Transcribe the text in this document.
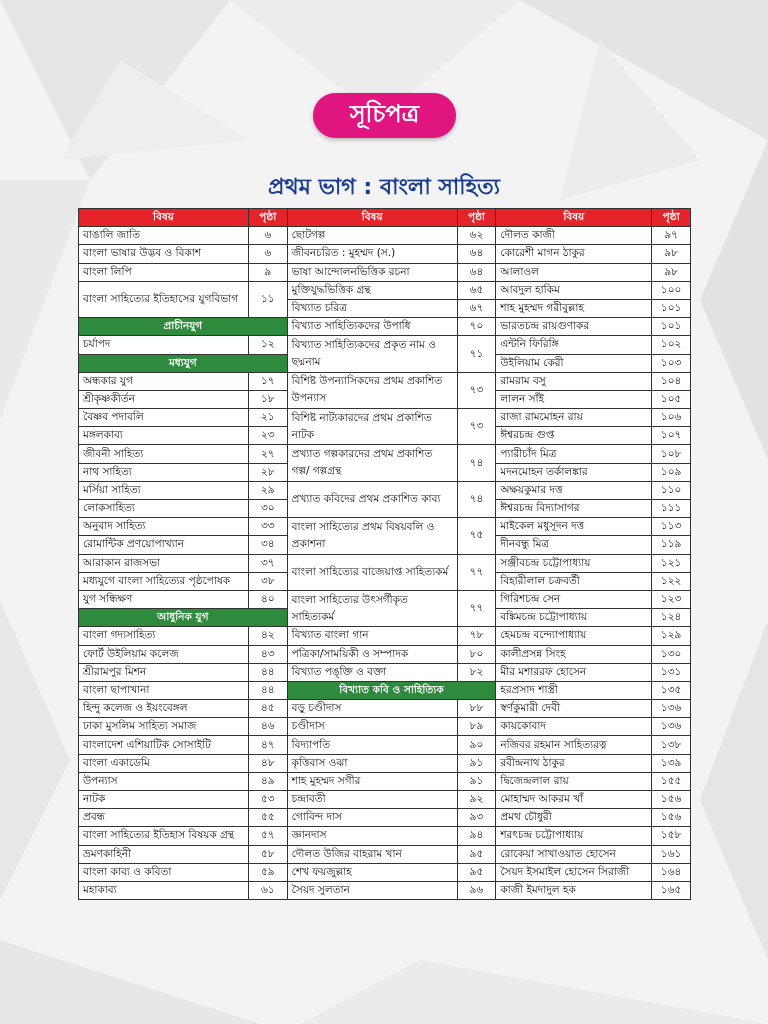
সূচিপত্র
প্রথম ভাগ : বাংলা সাহিত্য
বিষয়	পৃষ্ঠা	বিষয়	পৃষ্ঠা	বিষয়	পৃষ্ঠা
বাঙালি জাতি	৬	ছোটগল্প	৬২	দৌলত কাজী	৯৭
বাংলা ভাষার উদ্ভব ও বিকাশ	৬	জীবনচরিত : মুহম্মদ (স.)	৬৪	কোরেশী মাগন ঠাকুর	৯৮
বাংলা লিপি	৯	ভাষা আন্দোলনভিত্তিক রচনা	৬৪	আলাওল	৯৮
বাংলা সাহিত্যের ইতিহাসের যুগবিভাগ	১১	মুক্তিযুদ্ধভিত্তিক গ্রন্থ	৬৫	আবদুল হাকিম	১০০
		বিখ্যাত চরিত্র	৬৭	শাহ মুহম্মদ গরীবুল্লাহ	১০১
প্রাচীনযুগ		বিখ্যাত সাহিত্যিকদের উপাধি	৭০	ভারতচন্দ্র রায়গুণাকর	১০১
চর্যাপদ	১২	বিখ্যাত সাহিত্যিকদের প্রকৃত নাম ও ছদ্মনাম	৭১	এন্টনি ফিরিঙ্গি	১০২
মধ্যযুগ				উইলিয়াম কেরী	১০৩
অন্ধকার যুগ	১৭	বিশিষ্ট উপন্যাসিকদের প্রথম প্রকাশিত উপন্যাস	৭৩	রামরাম বসু	১০৪
শ্রীকৃষ্ণকীর্তন	১৮			লালন সাঁই	১০৫
বৈষ্ণব পদাবলি	২১	বিশিষ্ট নাট্যকারদের প্রথম প্রকাশিত নাটক	৭৩	রাজা রামমোহন রায়	১০৬
মঙ্গলকাব্য	২৩			ঈশ্বরচন্দ্র গুপ্ত	১০৭
জীবনী সাহিত্য	২৭	প্রখ্যাত গল্পকারদের প্রথম প্রকাশিত গল্প/ গল্পগ্রন্থ	৭৪	প্যারীচাঁদ মিত্র	১০৮
নাথ সাহিত্য	২৮			মদনমোহন তর্কালঙ্কার	১০৯
মর্সিয়া সাহিত্য	২৯	প্রখ্যাত কবিদের প্রথম প্রকাশিত কাব্য	৭৪	অক্ষয়কুমার দত্ত	১১০
লোকসাহিত্য	৩০			ঈশ্বরচন্দ্র বিদ্যাসাগর	১১১
অনুবাদ সাহিত্য	৩৩	বাংলা সাহিত্যের প্রথম বিষয়বলি ও প্রকাশনা	৭৫	মাইকেল মধুসূদন দত্ত	১১৩
রোমান্টিক প্রণয়োপাখ্যান	৩৪			দীনবন্ধু মিত্র	১১৯
আরাকান রাজসভা	৩৭	বাংলা সাহিত্যের বাজেয়াপ্ত সাহিত্যকর্ম	৭৭	সঞ্জীবচন্দ্র চট্টোপাধ্যায়	১২১
মধ্যযুগে বাংলা সাহিত্যের পৃষ্ঠপোষক	৩৮			বিহারীলাল চক্রবর্তী	১২২
যুগ সন্ধিক্ষণ	৪০	বাংলা সাহিত্যের উৎসর্গীকৃত সাহিত্যকর্ম	৭৭	গিরিশচন্দ্র সেন	১২৩
আধুনিক যুগ				বঙ্কিমচন্দ্র চট্টোপাধ্যায়	১২৪
বাংলা গদ্যসাহিত্য	৪২	বিখ্যাত বাংলা গান	৭৮	হেমচন্দ্র বন্দ্যোপাধ্যায়	১২৯
ফোর্ট উইলিয়াম কলেজ	৪৩	পত্রিকা/সাময়িকী ও সম্পাদক	৮০	কালীপ্রসন্ন সিংহ	১৩০
শ্রীরামপুর মিশন	৪৪	বিখ্যাত পঙ্‌ক্তি ও বক্তা	৮২	মীর মশাররফ হোসেন	১৩১
বাংলা ছাপাখানা	৪৪	বিখ্যাত কবি ও সাহিত্যিক		হরপ্রসাদ শাস্ত্রী	১৩৫
হিন্দু কলেজ ও ইয়ংবেঙ্গল	৪৫	বড়ু চণ্ডীদাস	৮৮	স্বর্ণকুমারী দেবী	১৩৬
ঢাকা মুসলিম সাহিত্য সমাজ	৪৬	চণ্ডীদাস	৮৯	কায়কোবাদ	১৩৬
বাংলাদেশ এশিয়াটিক সোসাইটি	৪৭	বিদ্যাপতি	৯০	নজিবর রহমান সাহিত্যরত্ন	১৩৮
বাংলা একাডেমি	৪৮	কৃত্তিবাস ওঝা	৯১	রবীন্দ্রনাথ ঠাকুর	১৩৯
উপন্যাস	৪৯	শাহ মুহম্মদ সগীর	৯১	দ্বিজেন্দ্রলাল রায়	১৫৫
নাটক	৫৩	চন্দ্রাবতী	৯২	মোহাম্মদ আকরম খাঁ	১৫৬
প্রবন্ধ	৫৫	গোবিন্দ দাস	৯৩	প্রমথ চৌধুরী	১৫৬
বাংলা সাহিত্যের ইতিহাস বিষয়ক গ্রন্থ	৫৭	জ্ঞানদাস	৯৪	শরৎচন্দ্র চট্টোপাধ্যায়	১৫৮
ভ্রমণকাহিনী	৫৮	দৌলত উজির বাহরাম খান	৯৫	রোকেয়া সাখাওয়াত হোসেন	১৬১
বাংলা কাব্য ও কবিতা	৫৯	শেখ ফয়জুল্লাহ	৯৫	সৈয়দ ইসমাইল হোসেন সিরাজী	১৬৪
মহাকাব্য	৬১	সৈয়দ সুলতান	৯৬	কাজী ইমদাদুল হক	১৬৫
